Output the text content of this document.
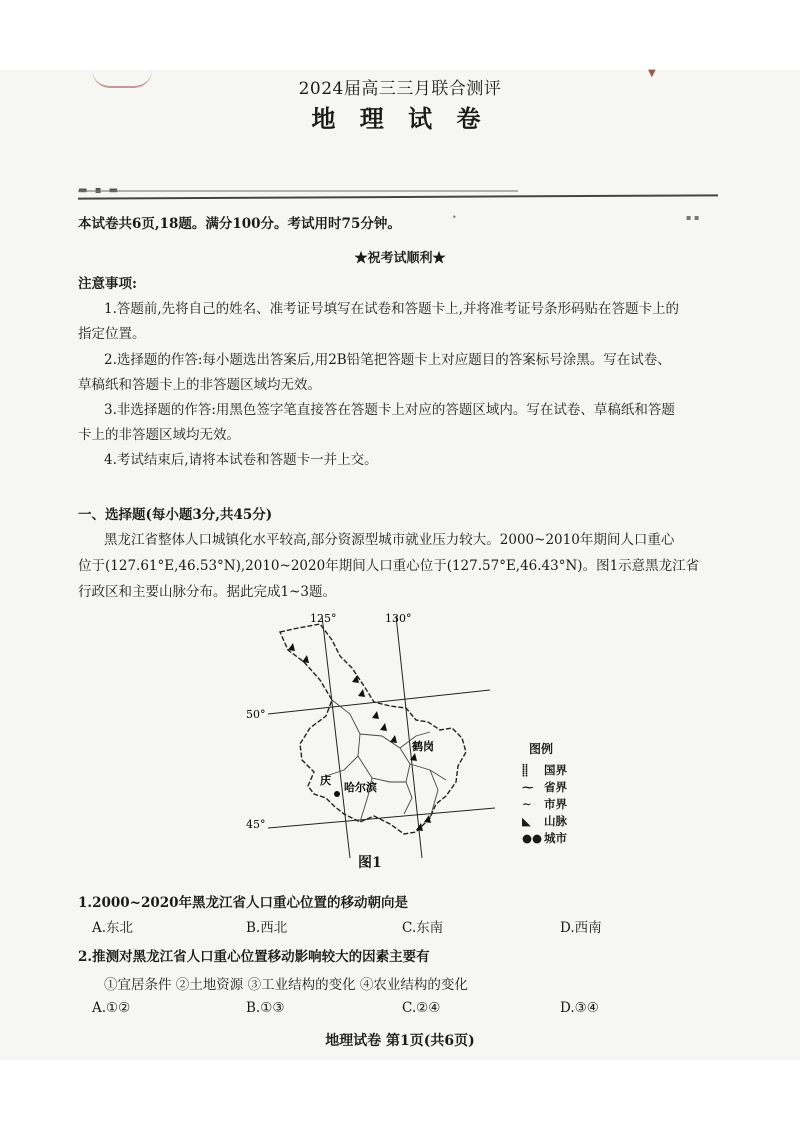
▼
2024届高三三月联合测评
地 理 试 卷
本试卷共6页,18题。满分100分。考试用时75分钟。	•	▪ ▪
★祝考试顺利★
注意事项:
1.答题前,先将自己的姓名、准考证号填写在试卷和答题卡上,并将准考证号条形码贴在答题卡上的
指定位置。
2.选择题的作答:每小题选出答案后,用2B铅笔把答题卡上对应题目的答案标号涂黑。写在试卷、
草稿纸和答题卡上的非答题区域均无效。
3.非选择题的作答:用黑色签字笔直接答在答题卡上对应的答题区域内。写在试卷、草稿纸和答题
卡上的非答题区域均无效。
4.考试结束后,请将本试卷和答题卡一并上交。
一、选择题(每小题3分,共45分)
黑龙江省整体人口城镇化水平较高,部分资源型城市就业压力较大。2000~2010年期间人口重心
位于(127.61°E,46.53°N),2010~2020年期间人口重心位于(127.57°E,46.43°N)。图1示意黑龙江省
行政区和主要山脉分布。据此完成1~3题。
哈尔滨
庆
鹤岗
125°	130°
50°
45°
图例
⸽⸽ 国界
⁓ 省界
∼ 市界
◣ 山脉
●● 城市
图1
1.2000~2020年黑龙江省人口重心位置的移动朝向是
A.东北	B.西北	C.东南	D.西南
2.推测对黑龙江省人口重心位置移动影响较大的因素主要有
①宜居条件 ②土地资源 ③工业结构的变化 ④农业结构的变化
A.①②	B.①③	C.②④	D.③④
地理试卷 第1页(共6页)
